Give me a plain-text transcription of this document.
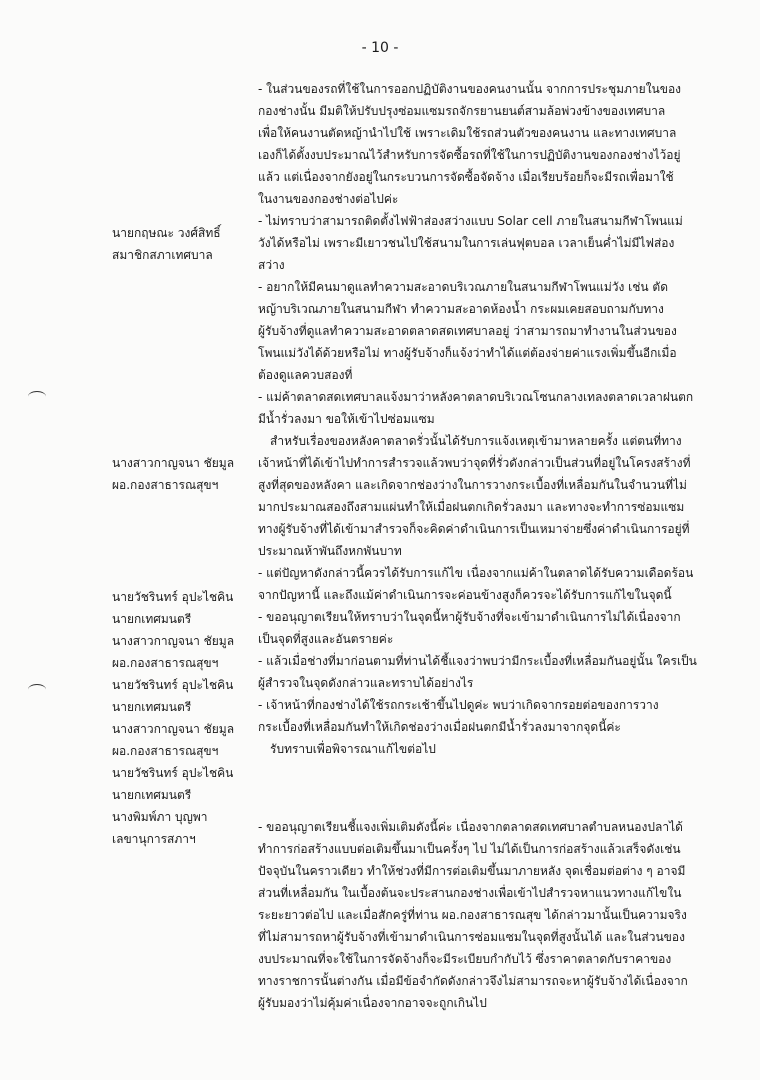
- 10 -

นายกฤษณะ วงศ์สิทธิ์

สมาชิกสภาเทศบาล

นางสาวกาญจนา ชัยมูล

ผอ.กองสาธารณสุขฯ

นายวัชรินทร์ อุปะไชคิน

นายกเทศมนตรี

นางสาวกาญจนา ชัยมูล

ผอ.กองสาธารณสุขฯ

นายวัชรินทร์ อุปะไชคิน

นายกเทศมนตรี

นางสาวกาญจนา ชัยมูล

ผอ.กองสาธารณสุขฯ

นายวัชรินทร์ อุปะไชคิน

นายกเทศมนตรี

นางพิมพ์ภา บุญพา

เลขานุการสภาฯ

- ในส่วนของรถที่ใช้ในการออกปฏิบัติงานของคนงานนั้น จากการประชุมภายในของ

กองช่างนั้น มีมติให้ปรับปรุงซ่อมแซมรถจักรยานยนต์สามล้อพ่วงข้างของเทศบาล

เพื่อให้คนงานตัดหญ้านำไปใช้ เพราะเดิมใช้รถส่วนตัวของคนงาน และทางเทศบาล

เองก็ได้ตั้งงบประมาณไว้สำหรับการจัดซื้อรถที่ใช้ในการปฏิบัติงานของกองช่างไว้อยู่

แล้ว แต่เนื่องจากยังอยู่ในกระบวนการจัดซื้อจัดจ้าง เมื่อเรียบร้อยก็จะมีรถเพื่อมาใช้

ในงานของกองช่างต่อไปค่ะ

- ไม่ทราบว่าสามารถติดตั้งไฟฟ้าส่องสว่างแบบ Solar cell ภายในสนามกีฬาโพนแม่

วังได้หรือไม่ เพราะมีเยาวชนไปใช้สนามในการเล่นฟุตบอล เวลาเย็นค่ำไม่มีไฟส่อง

สว่าง

- อยากให้มีคนมาดูแลทำความสะอาดบริเวณภายในสนามกีฬาโพนแม่วัง เช่น ตัด

หญ้าบริเวณภายในสนามกีฬา ทำความสะอาดห้องน้ำ กระผมเคยสอบถามกับทาง

ผู้รับจ้างที่ดูแลทำความสะอาดตลาดสดเทศบาลอยู่ ว่าสามารถมาทำงานในส่วนของ

โพนแม่วังได้ด้วยหรือไม่ ทางผู้รับจ้างก็แจ้งว่าทำได้แต่ต้องจ่ายค่าแรงเพิ่มขึ้นอีกเมื่อ

ต้องดูแลควบสองที่

- แม่ค้าตลาดสดเทศบาลแจ้งมาว่าหลังคาตลาดบริเวณโซนกลางเทลงตลาดเวลาฝนตก

มีน้ำรั่วลงมา ขอให้เข้าไปซ่อมแซม

สำหรับเรื่องของหลังคาตลาดรั่วนั้นได้รับการแจ้งเหตุเข้ามาหลายครั้ง แต่ตนที่ทาง

เจ้าหน้าที่ได้เข้าไปทำการสำรวจแล้วพบว่าจุดที่รั่วดังกล่าวเป็นส่วนที่อยู่ในโครงสร้างที่

สูงที่สุดของหลังคา และเกิดจากช่องว่างในการวางกระเบื้องที่เหลื่อมกันในจำนวนที่ไม่

มากประมาณสองถึงสามแผ่นทำให้เมื่อฝนตกเกิดรั่วลงมา และทางจะทำการซ่อมแซม

ทางผู้รับจ้างที่ได้เข้ามาสำรวจก็จะคิดค่าดำเนินการเป็นเหมาจ่ายซึ่งค่าดำเนินการอยู่ที่

ประมาณห้าพันถึงหกพันบาท

- แต่ปัญหาดังกล่าวนี้ควรได้รับการแก้ไข เนื่องจากแม่ค้าในตลาดได้รับความเดือดร้อน

จากปัญหานี้ และถึงแม้ค่าดำเนินการจะค่อนข้างสูงก็ควรจะได้รับการแก้ไขในจุดนี้

- ขออนุญาตเรียนให้ทราบว่าในจุดนี้หาผู้รับจ้างที่จะเข้ามาดำเนินการไม่ได้เนื่องจาก

เป็นจุดที่สูงและอันตรายค่ะ

- แล้วเมื่อช่างที่มาก่อนตามที่ท่านได้ชี้แจงว่าพบว่ามีกระเบื้องที่เหลื่อมกันอยู่นั้น ใครเป็น

ผู้สำรวจในจุดดังกล่าวและทราบได้อย่างไร

- เจ้าหน้าที่กองช่างได้ใช้รถกระเช้าขึ้นไปดูค่ะ พบว่าเกิดจากรอยต่อของการวาง

กระเบื้องที่เหลื่อมกันทำให้เกิดช่องว่างเมื่อฝนตกมีน้ำรั่วลงมาจากจุดนี้ค่ะ

รับทราบเพื่อพิจารณาแก้ไขต่อไป

- ขออนุญาตเรียนชี้แจงเพิ่มเติมดังนี้ค่ะ เนื่องจากตลาดสดเทศบาลตำบลหนองปลาได้

ทำการก่อสร้างแบบต่อเติมขึ้นมาเป็นครั้งๆ ไป ไม่ได้เป็นการก่อสร้างแล้วเสร็จดังเช่น

ปัจจุบันในคราวเดียว ทำให้ช่วงที่มีการต่อเติมขึ้นมาภายหลัง จุดเชื่อมต่อต่าง ๆ อาจมี

ส่วนที่เหลื่อมกัน ในเบื้องต้นจะประสานกองช่างเพื่อเข้าไปสำรวจหาแนวทางแก้ไขใน

ระยะยาวต่อไป และเมื่อสักครู่ที่ท่าน ผอ.กองสาธารณสุข ได้กล่าวมานั้นเป็นความจริง

ที่ไม่สามารถหาผู้รับจ้างที่เข้ามาดำเนินการซ่อมแซมในจุดที่สูงนั้นได้ และในส่วนของ

งบประมาณที่จะใช้ในการจัดจ้างก็จะมีระเบียบกำกับไว้ ซึ่งราคาตลาดกับราคาของ

ทางราชการนั้นต่างกัน เมื่อมีข้อจำกัดดังกล่าวจึงไม่สามารถจะหาผู้รับจ้างได้เนื่องจาก

ผู้รับมองว่าไม่คุ้มค่าเนื่องจากอาจจะถูกเกินไป
